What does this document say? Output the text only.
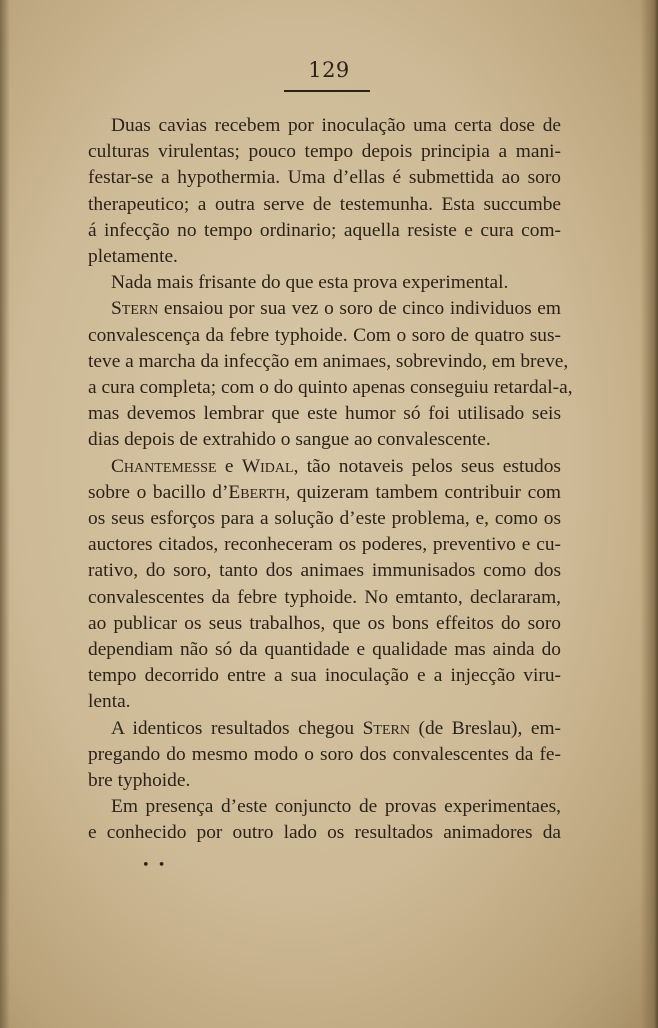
129
Duas cavias recebem por inoculação uma certa dose de
culturas virulentas; pouco tempo depois principia a mani-
festar-se a hypothermia. Uma d’ellas é submettida ao soro
therapeutico; a outra serve de testemunha. Esta succumbe
á infecção no tempo ordinario; aquella resiste e cura com-
pletamente.
Nada mais frisante do que esta prova experimental.
Stern ensaiou por sua vez o soro de cinco individuos em
convalescença da febre typhoide. Com o soro de quatro sus-
teve a marcha da infecção em animaes, sobrevindo, em breve,
a cura completa; com o do quinto apenas conseguiu retardal-a,
mas devemos lembrar que este humor só foi utilisado seis
dias depois de extrahido o sangue ao convalescente.
Chantemesse e Widal, tão notaveis pelos seus estudos
sobre o bacillo d’Eberth, quizeram tambem contribuir com
os seus esforços para a solução d’este problema, e, como os
auctores citados, reconheceram os poderes, preventivo e cu-
rativo, do soro, tanto dos animaes immunisados como dos
convalescentes da febre typhoide. No emtanto, declararam,
ao publicar os seus trabalhos, que os bons effeitos do soro
dependiam não só da quantidade e qualidade mas ainda do
tempo decorrido entre a sua inoculação e a injecção viru-
lenta.
A identicos resultados chegou Stern (de Breslau), em-
pregando do mesmo modo o soro dos convalescentes da fe-
bre typhoide.
Em presença d’este conjuncto de provas experimentaes,
e conhecido por outro lado os resultados animadores da
• •
